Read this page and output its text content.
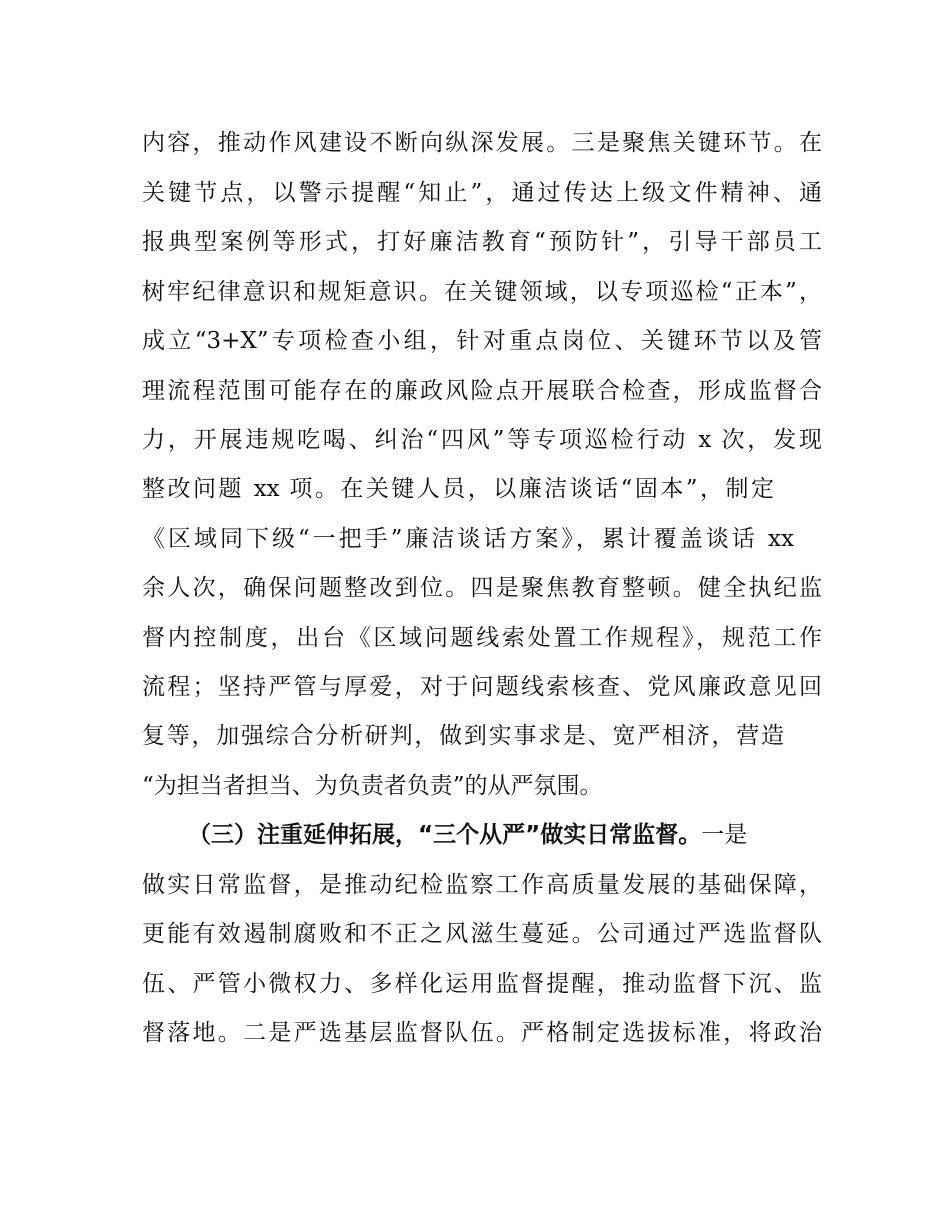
内容，推动作风建设不断向纵深发展。三是聚焦关键环节。在
关键节点，以警示提醒“知止”，通过传达上级文件精神、通
报典型案例等形式，打好廉洁教育“预防针”，引导干部员工
树牢纪律意识和规矩意识。在关键领域，以专项巡检“正本”，
成立“3+X”专项检查小组，针对重点岗位、关键环节以及管
理流程范围可能存在的廉政风险点开展联合检查，形成监督合
力，开展违规吃喝、纠治“四风”等专项巡检行动 x 次，发现
整改问题 xx 项。在关键人员，以廉洁谈话“固本”，制定
《区域同下级“一把手”廉洁谈话方案》，累计覆盖谈话 xx
余人次，确保问题整改到位。四是聚焦教育整顿。健全执纪监
督内控制度，出台《区域问题线索处置工作规程》，规范工作
流程；坚持严管与厚爱，对于问题线索核查、党风廉政意见回
复等，加强综合分析研判，做到实事求是、宽严相济，营造
“为担当者担当、为负责者负责”的从严氛围。
（三）注重延伸拓展，“三个从严”做实日常监督。一是
做实日常监督，是推动纪检监察工作高质量发展的基础保障，
更能有效遏制腐败和不正之风滋生蔓延。公司通过严选监督队
伍、严管小微权力、多样化运用监督提醒，推动监督下沉、监
督落地。二是严选基层监督队伍。严格制定选拔标准，将政治
